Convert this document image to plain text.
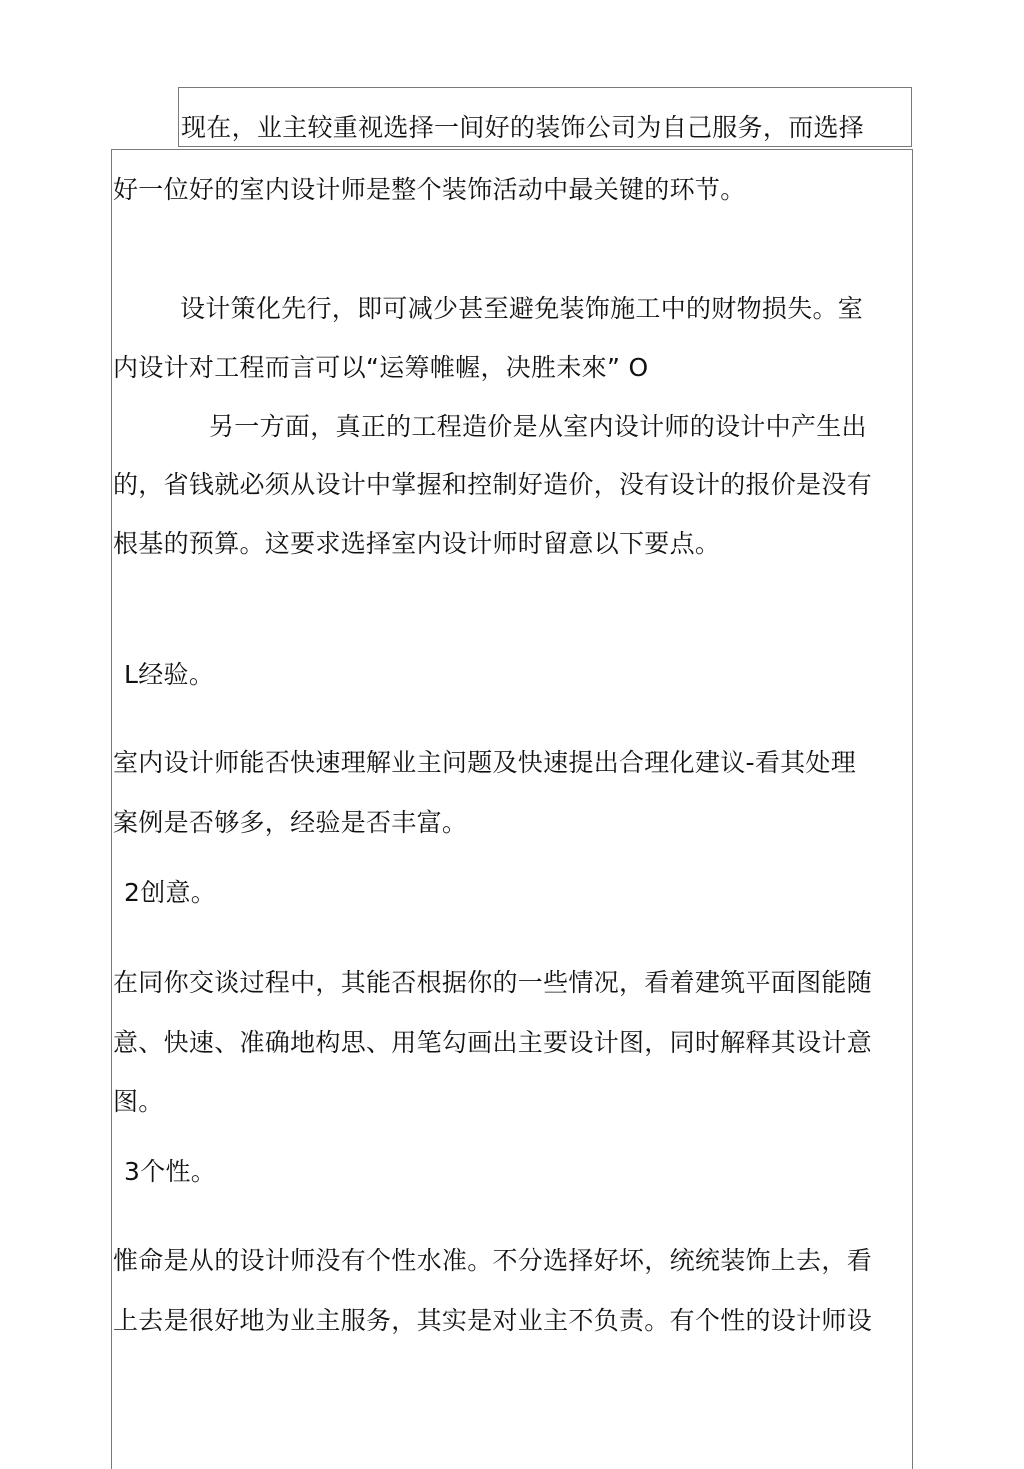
现在，业主较重视选择一间好的装饰公司为自己服务，而选择
好一位好的室内设计师是整个装饰活动中最关键的环节。
设计策化先行，即可减少甚至避免装饰施工中的财物损失。室
内设计对工程而言可以“运筹帷幄，决胜未來” O
另一方面，真正的工程造价是从室内设计师的设计中产生出
的，省钱就必须从设计中掌握和控制好造价，没有设计的报价是没有
根基的预算。这要求选择室内设计师时留意以下要点。
L经验。
室内设计师能否快速理解业主问题及快速提出合理化建议-看其处理
案例是否够多，经验是否丰富。
2创意。
在同你交谈过程中，其能否根据你的一些情况，看着建筑平面图能随
意、快速、准确地构思、用笔勾画出主要设计图，同时解释其设计意
图。
3个性。
惟命是从的设计师没有个性水准。不分选择好坏，统统装饰上去，看
上去是很好地为业主服务，其实是对业主不负责。有个性的设计师设
